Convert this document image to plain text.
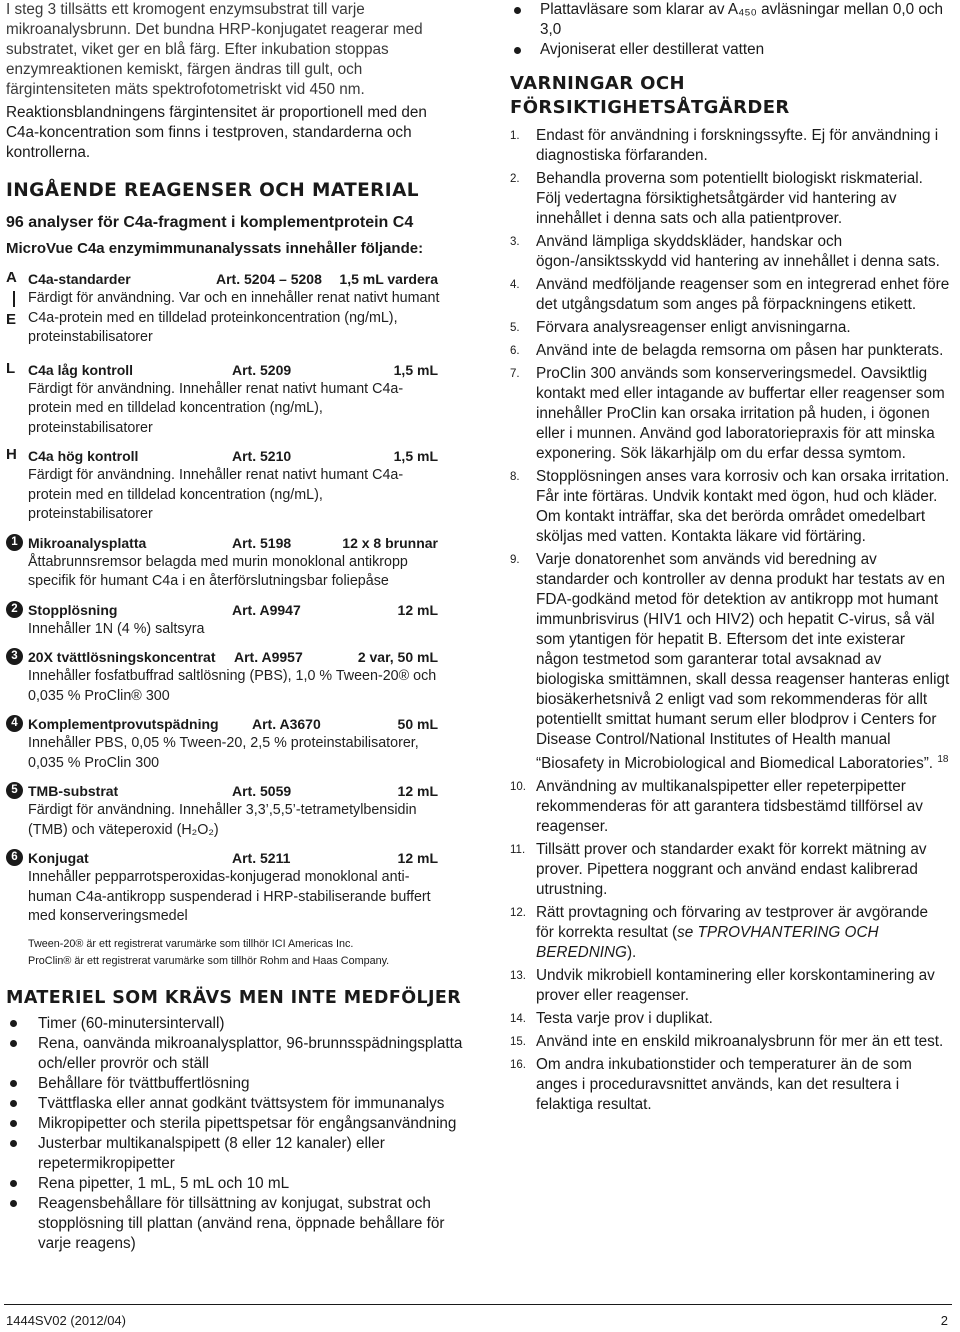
I steg 3 tillsätts ett kromogent enzymsubstrat till varje mikroanalysbrunn. Det bundna HRP-konjugatet reagerar med substratet, viket ger en blå färg. Efter inkubation stoppas enzymreaktionen kemiskt, färgen ändras till gult, och färgintensiteten mäts spektrofotometriskt vid 450 nm.

Reaktionsblandningens färgintensitet är proportionell med den C4a-koncentration som finns i testproven, standarderna och kontrollerna.

INGÅENDE REAGENSER OCH MATERIAL

96 analyser för C4a-fragment i komplementprotein C4

MicroVue C4a enzymimmunanalyssats innehåller följande:

A
E
C4a-standarder	Art. 5204 – 5208 1,5 mL vardera

Färdigt för användning. Var och en innehåller renat nativt humant C4a-protein med en tilldelad proteinkoncentration (ng/mL), proteinstabilisatorer

L C4a låg kontroll	Art. 5209	1,5 mL

Färdigt för användning. Innehåller renat nativt humant C4a-protein med en tilldelad koncentration (ng/mL), proteinstabilisatorer

H C4a hög kontroll	Art. 5210	1,5 mL

Färdigt för användning. Innehåller renat nativt humant C4a-protein med en tilldelad koncentration (ng/mL), proteinstabilisatorer

1 Mikroanalysplatta	Art. 5198	12 x 8 brunnar

Åttabrunnsremsor belagda med murin monoklonal antikropp specifik för humant C4a i en återförslutningsbar foliepåse

2 Stopplösning	Art. A9947	12 mL

Innehåller 1N (4 %) saltsyra

3 20X tvättlösningskoncentrat Art. A9957	2 var, 50 mL

Innehåller fosfatbuffrad saltlösning (PBS), 1,0 % Tween-20® och 0,035 % ProClin® 300

4 Komplementprovutspädning Art. A3670	50 mL

Innehåller PBS, 0,05 % Tween-20, 2,5 % proteinstabilisatorer, 0,035 % ProClin 300

5 TMB-substrat	Art. 5059	12 mL

Färdigt för användning. Innehåller 3,3’,5,5’-tetrametylbensidin (TMB) och väteperoxid (H₂O₂)

6 Konjugat	Art. 5211	12 mL

Innehåller pepparrotsperoxidas-konjugerad monoklonal anti-human C4a-antikropp suspenderad i HRP-stabiliserande buffert med konserveringsmedel

Tween-20® är ett registrerat varumärke som tillhör ICI Americas Inc.

ProClin® är ett registrerat varumärke som tillhör Rohm and Haas Company.

MATERIEL SOM KRÄVS MEN INTE MEDFÖLJER
Timer (60-minutersintervall)
Rena, oanvända mikroanalysplattor, 96-brunnsspädningsplatta och/eller provrör och ställ
Behållare för tvättbuffertlösning
Tvättflaska eller annat godkänt tvättsystem för immunanalys
Mikropipetter och sterila pipettspetsar för engångsanvändning
Justerbar multikanalspipett (8 eller 12 kanaler) eller repetermikropipetter
Rena pipetter, 1 mL, 5 mL och 10 mL
Reagensbehållare för tillsättning av konjugat, substrat och stopplösning till plattan (använd rena, öppnade behållare för varje reagens)
Plattavläsare som klarar av A₄₅₀ avläsningar mellan 0,0 och 3,0
Avjoniserat eller destillerat vatten
VARNINGAR OCH FÖRSIKTIGHETSÅTGÄRDER
1. Endast för användning i forskningssyfte. Ej för användning i diagnostiska förfaranden.
2. Behandla proverna som potentiellt biologiskt riskmaterial. Följ vedertagna försiktighetsåtgärder vid hantering av innehållet i denna sats och alla patientprover.
3. Använd lämpliga skyddskläder, handskar och ögon-/ansiktsskydd vid hantering av innehållet i denna sats.
4. Använd medföljande reagenser som en integrerad enhet före det utgångsdatum som anges på förpackningens etikett.
5. Förvara analysreagenser enligt anvisningarna.
6. Använd inte de belagda remsorna om påsen har punkterats.
7. ProClin 300 används som konserveringsmedel. Oavsiktlig kontakt med eller intagande av buffertar eller reagenser som innehåller ProClin kan orsaka irritation på huden, i ögonen eller i munnen. Använd god laboratoriepraxis för att minska exponering. Sök läkarhjälp om du erfar dessa symtom.
8. Stopplösningen anses vara korrosiv och kan orsaka irritation. Får inte förtäras. Undvik kontakt med ögon, hud och kläder. Om kontakt inträffar, ska det berörda området omedelbart sköljas med vatten. Kontakta läkare vid förtäring.
9. Varje donatorenhet som används vid beredning av standarder och kontroller av denna produkt har testats av en FDA-godkänd metod för detektion av antikropp mot humant immunbrisvirus (HIV1 och HIV2) och hepatit C-virus, så väl som ytantigen för hepatit B. Eftersom det inte existerar någon testmetod som garanterar total avsaknad av biologiska smittämnen, skall dessa reagenser hanteras enligt biosäkerhetsnivå 2 enligt vad som rekommenderas för allt potentiellt smittat humant serum eller blodprov i Centers for Disease Control/National Institutes of Health manual “Biosafety in Microbiological and Biomedical Laboratories”. $^{18}$
10. Användning av multikanalspipetter eller repeterpipetter rekommenderas för att garantera tidsbestämd tillförsel av reagenser.
11. Tillsätt prover och standarder exakt för korrekt mätning av prover. Pipettera noggrant och använd endast kalibrerad utrustning.
12. Rätt provtagning och förvaring av testprover är avgörande för korrekta resultat (se TPROVHANTERING OCH BEREDNING).
13. Undvik mikrobiell kontaminering eller korskontaminering av prover eller reagenser.
14. Testa varje prov i duplikat.
15. Använd inte en enskild mikroanalysbrunn för mer än ett test.
16. Om andra inkubationstider och temperaturer än de som anges i proceduravsnittet används, kan det resultera i felaktiga resultat.
1444SV02 (2012/04)	2
